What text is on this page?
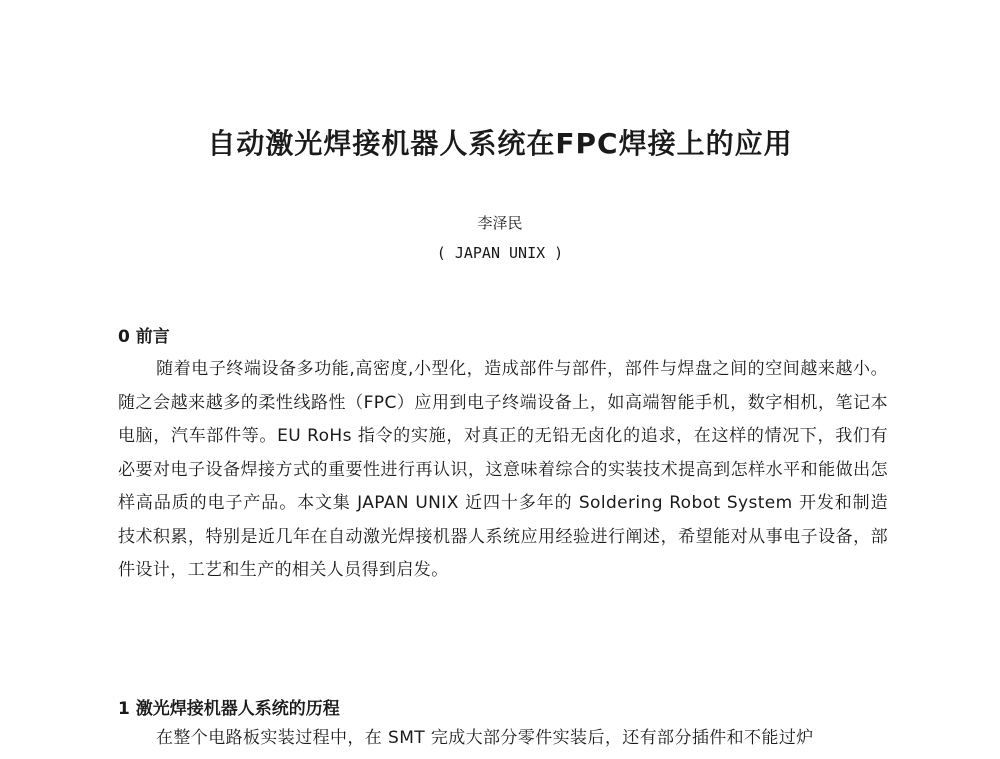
自动激光焊接机器人系统在FPC焊接上的应用
李泽民
( JAPAN UNIX )
0 前言
随着电子终端设备多功能,高密度,小型化，造成部件与部件，部件与焊盘之间的空间越来越小。随之会越来越多的柔性线路性（FPC）应用到电子终端设备上，如高端智能手机，数字相机，笔记本电脑，汽车部件等。EU RoHs 指令的实施，对真正的无铅无卤化的追求，在这样的情况下，我们有必要对电子设备焊接方式的重要性进行再认识，这意味着综合的实装技术提高到怎样水平和能做出怎样高品质的电子产品。本文集 JAPAN UNIX 近四十多年的 Soldering Robot System 开发和制造技术积累，特别是近几年在自动激光焊接机器人系统应用经验进行阐述，希望能对从事电子设备，部件设计，工艺和生产的相关人员得到启发。
1 激光焊接机器人系统的历程
在整个电路板实装过程中，在 SMT 完成大部分零件实装后，还有部分插件和不能过炉
